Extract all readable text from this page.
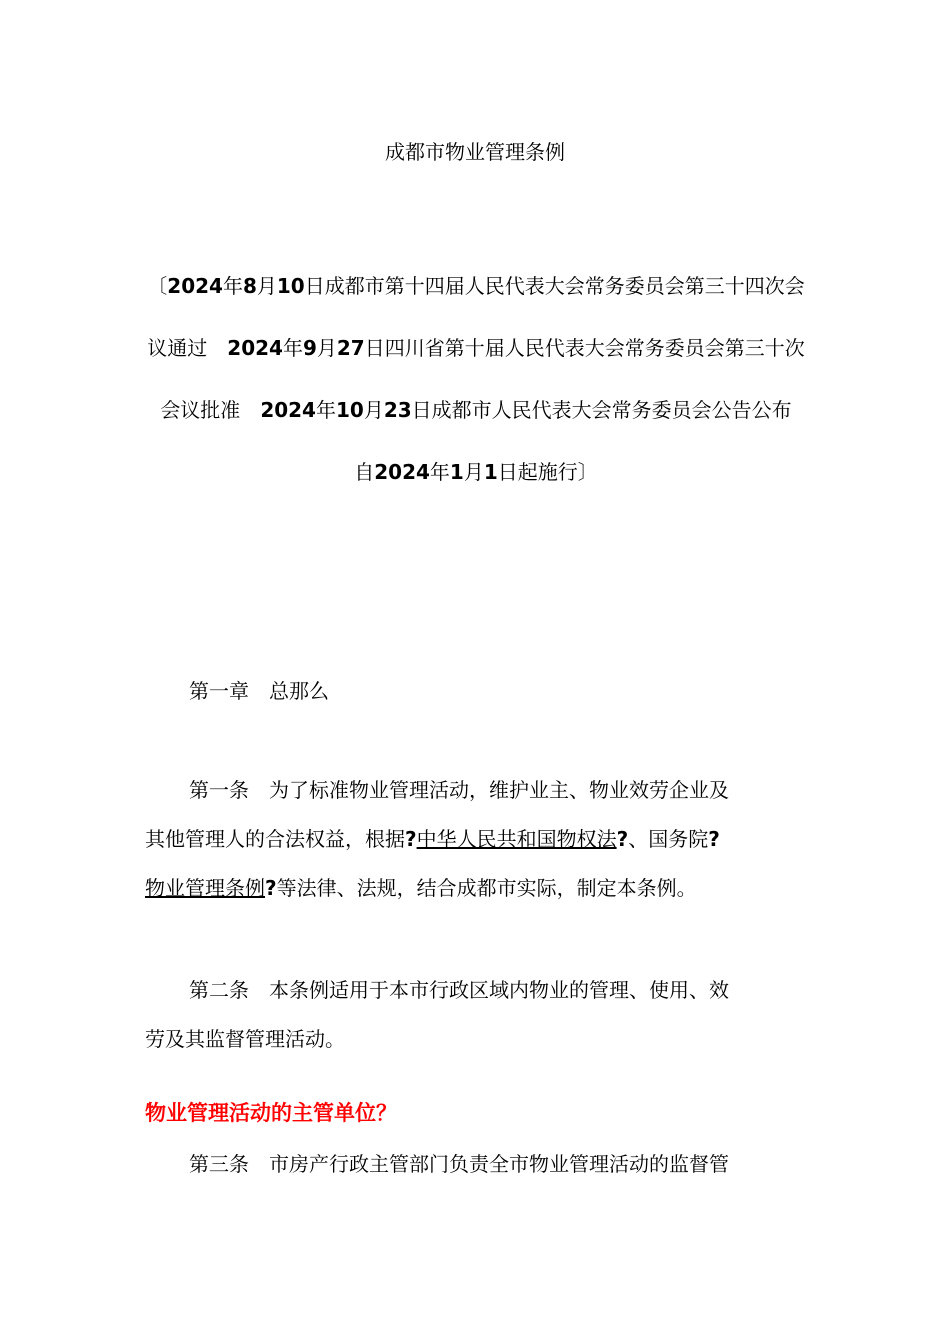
成都市物业管理条例
〔2024年8月10日成都市第十四届人民代表大会常务委员会第三十四次会议通过　2024年9月27日四川省第十届人民代表大会常务委员会第三十次会议批准　2024年10月23日成都市人民代表大会常务委员会公告公布　自2024年1月1日起施行〕
第一章　总那么
第一条　为了标准物业管理活动，维护业主、物业效劳企业及
其他管理人的合法权益，根据?中华人民共和国物权法?、国务院?
物业管理条例?等法律、法规，结合成都市实际，制定本条例。
第二条　本条例适用于本市行政区域内物业的管理、使用、效
劳及其监督管理活动。
物业管理活动的主管单位？
第三条　市房产行政主管部门负责全市物业管理活动的监督管
